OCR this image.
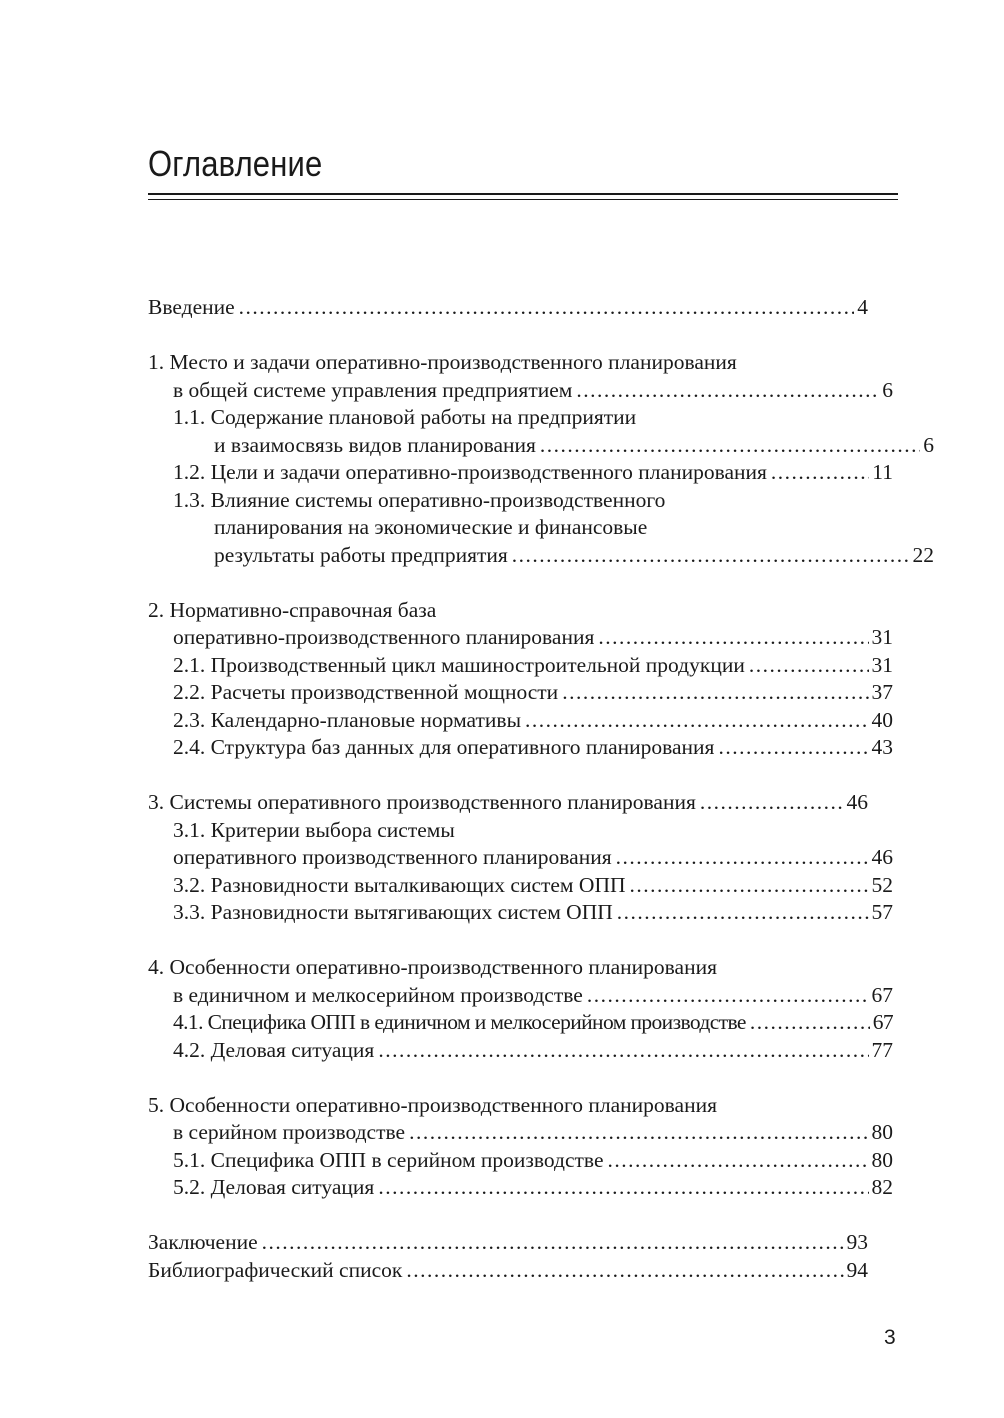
Оглавление
Введение .....	4
1. Место и задачи оперативно-производственного планирования
в общей системе управления предприятием .....	6
1.1. Содержание плановой работы на предприятии
и взаимосвязь видов планирования .....	6
1.2. Цели и задачи оперативно-производственного планирования .....	11
1.3. Влияние системы оперативно-производственного
планирования на экономические и финансовые
результаты работы предприятия .....	22
2. Нормативно-справочная база
оперативно-производственного планирования .....	31
2.1. Производственный цикл машиностроительной продукции .....	31
2.2. Расчеты производственной мощности .....	37
2.3. Календарно-плановые нормативы .....	40
2.4. Структура баз данных для оперативного планирования .....	43
3. Системы оперативного производственного планирования .....	46
3.1. Критерии выбора системы
оперативного производственного планирования .....	46
3.2. Разновидности выталкивающих систем ОПП .....	52
3.3. Разновидности вытягивающих систем ОПП .....	57
4. Особенности оперативно-производственного планирования
в единичном и мелкосерийном производстве .....	67
4.1. Специфика ОПП в единичном и мелкосерийном производстве .....	67
4.2. Деловая ситуация .....	77
5. Особенности оперативно-производственного планирования
в серийном производстве .....	80
5.1. Специфика ОПП в серийном производстве .....	80
5.2. Деловая ситуация .....	82
Заключение .....	93
Библиографический список .....	94
3
